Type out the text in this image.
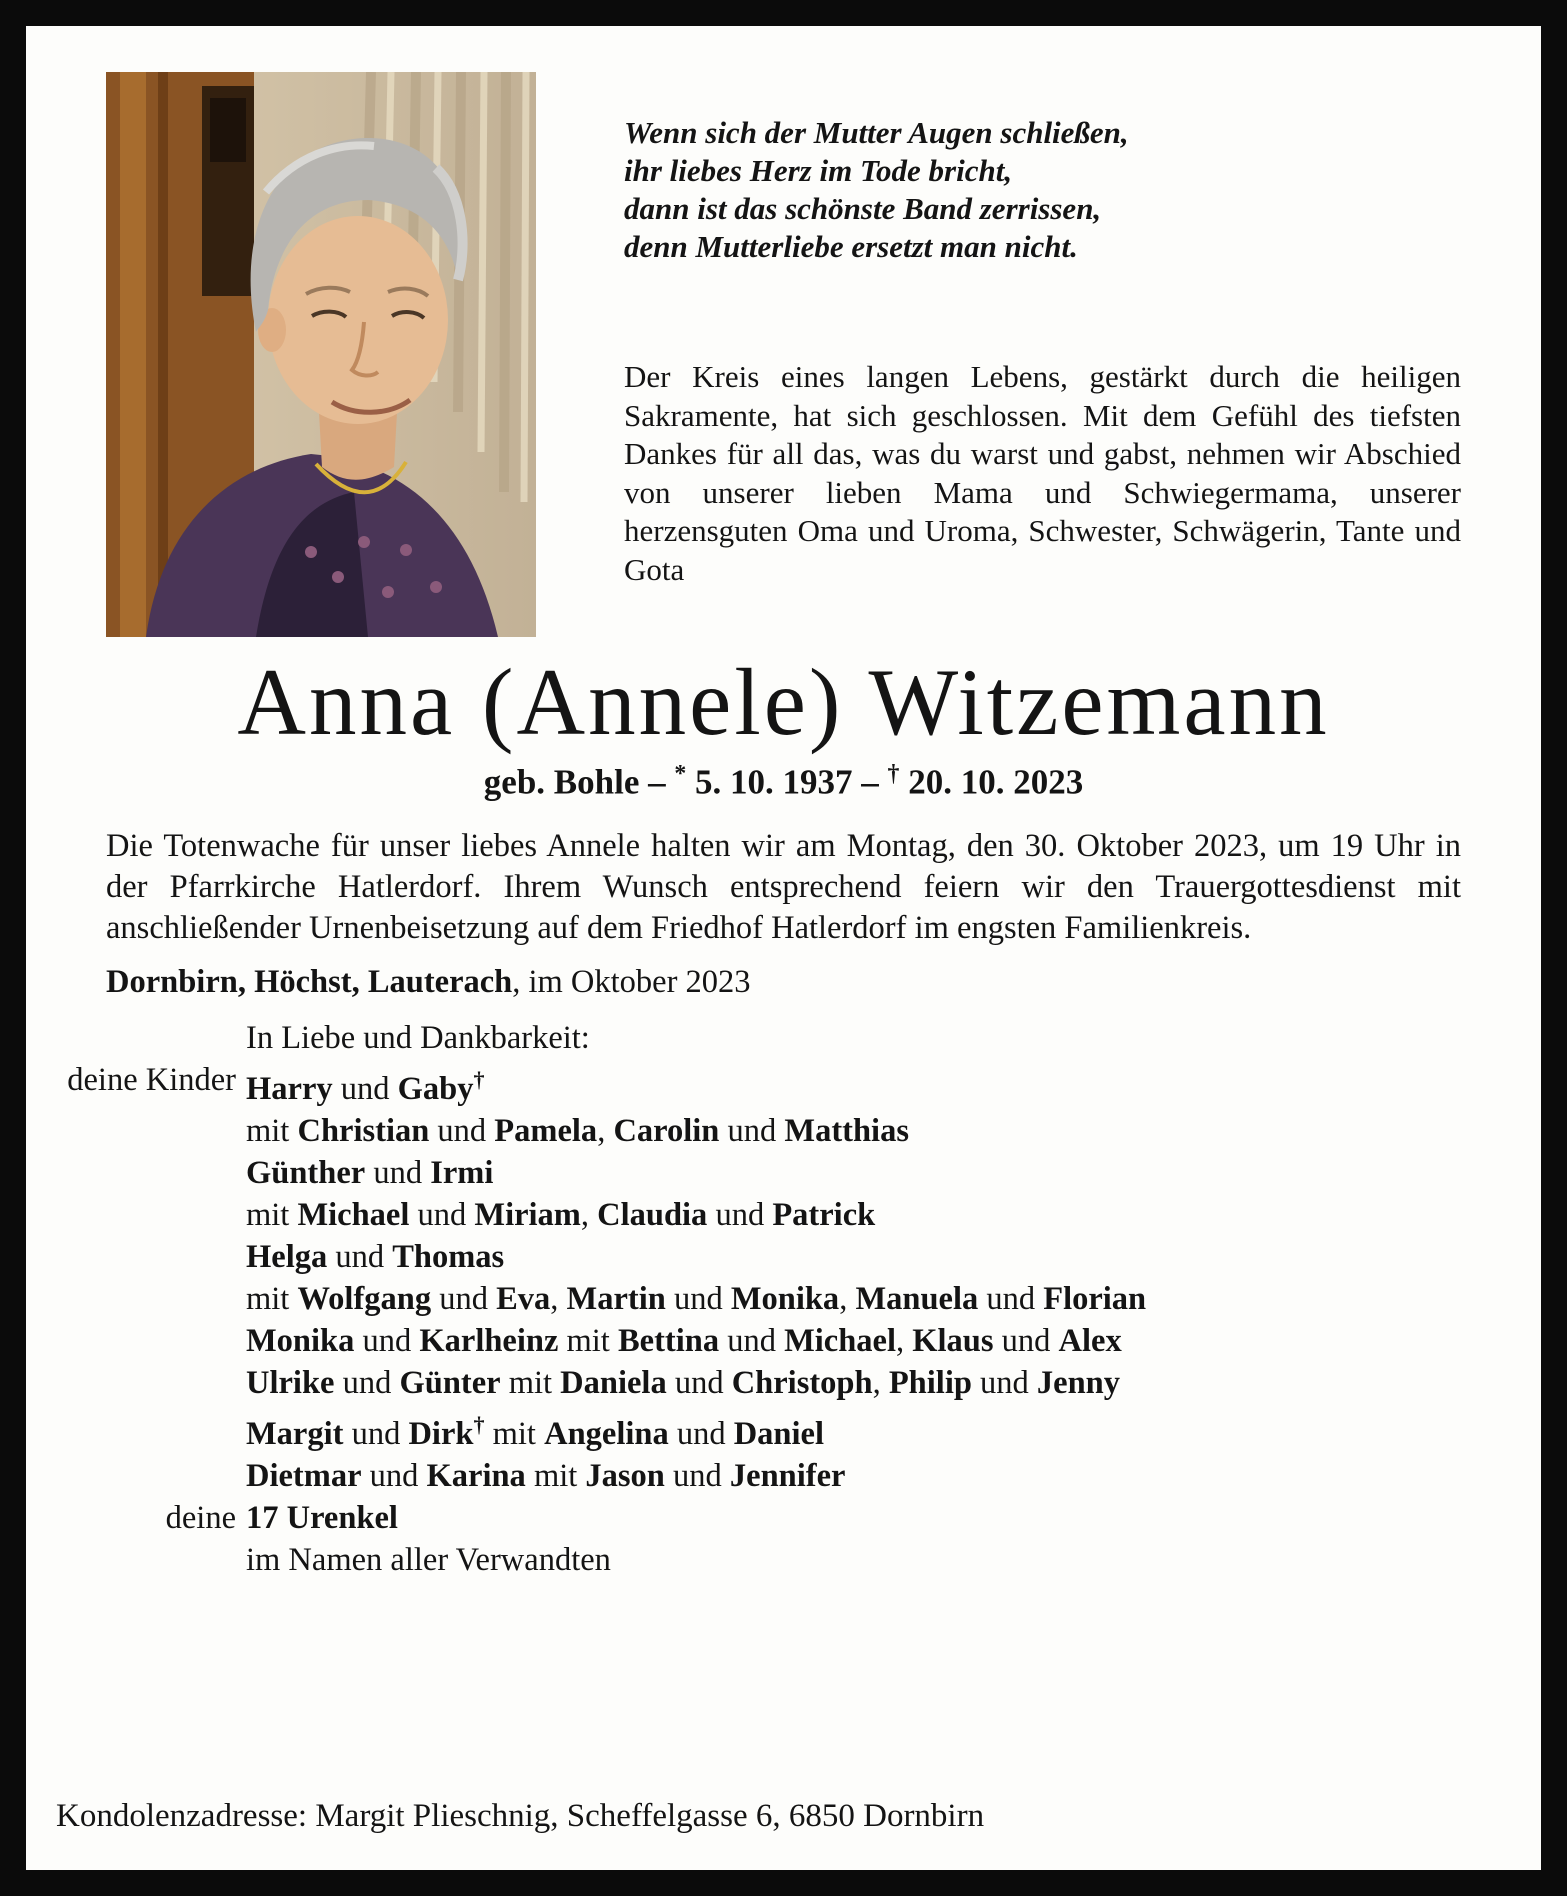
Wenn sich der Mutter Augen schließen,
ihr liebes Herz im Tode bricht,
dann ist das schönste Band zerrissen,
denn Mutterliebe ersetzt man nicht.

Der Kreis eines langen Lebens, gestärkt durch die heiligen Sakramente, hat sich geschlossen. Mit dem Gefühl des tiefsten Dankes für all das, was du warst und gabst, nehmen wir Abschied von unserer lieben Mama und Schwiegermama, unserer herzensguten Oma und Uroma, Schwester, Schwägerin, Tante und Gota

Anna (Annele) Witzemann
geb. Bohle – * 5. 10. 1937 – † 20. 10. 2023

Die Totenwache für unser liebes Annele halten wir am Montag, den 30. Oktober 2023, um 19 Uhr in der Pfarrkirche Hatlerdorf. Ihrem Wunsch entsprechend feiern wir den Trauergottesdienst mit anschließender Urnenbeisetzung auf dem Friedhof Hatlerdorf im engsten Familienkreis.

Dornbirn, Höchst, Lauterach, im Oktober 2023
In Liebe und Dankbarkeit:
deine Kinder Harry und Gaby†
mit Christian und Pamela, Carolin und Matthias
Günther und Irmi
mit Michael und Miriam, Claudia und Patrick
Helga und Thomas
mit Wolfgang und Eva, Martin und Monika, Manuela und Florian
Monika und Karlheinz mit Bettina und Michael, Klaus und Alex
Ulrike und Günter mit Daniela und Christoph, Philip und Jenny
Margit und Dirk† mit Angelina und Daniel
Dietmar und Karina mit Jason und Jennifer
deine 17 Urenkel
im Namen aller Verwandten
Kondolenzadresse: Margit Plieschnig, Scheffelgasse 6, 6850 Dornbirn
